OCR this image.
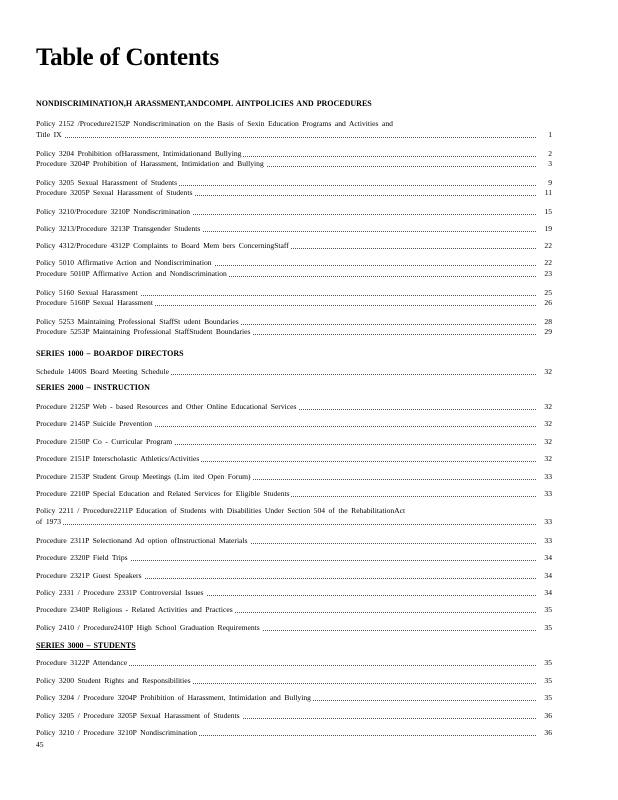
Table of Contents
NONDISCRIMINATION,H ARASSMENT,ANDCOMPL AINTPOLICIES AND PROCEDURES
Policy 2152 /Procedure2152P Nondiscrimination on the Basis of Sexin Education Programs and Activities and
Title IX	1
Policy 3204 Prohibition ofHarassment, Intimidationand Bullying	2
Procedure 3204P Prohibition of Harassment, Intimidation and Bullying	3
Policy 3205 Sexual Harassment of Students	9
Procedure 3205P Sexual Harassment of Students	11
Policy 3210/Procedure 3210P Nondiscrimination	15
Policy 3213/Procedure 3213P Transgender Students	19
Policy 4312/Procedure 4312P Complaints to Board Mem bers ConcerningStaff	22
Policy 5010 Affirmative Action and Nondiscrimination	22
Procedure 5010P Affirmative Action and Nondiscrimination	23
Policy 5160 Sexual Harassment	25
Procedure 5160P Sexual Harassment	26
Policy 5253 Maintaining Professional StaffSt udent Boundaries	28
Procedure 5253P Maintaining Professional StaffStudent Boundaries	29
SERIES 1000 – BOARDOF DIRECTORS
Schedule 1400S Board Meeting Schedule	32
SERIES 2000 – INSTRUCTION
Procedure 2125P Web - based Resources and Other Online Educational Services	32
Procedure 2145P Suicide Prevention	32
Procedure 2150P Co - Curricular Program	32
Procedure 2151P Interscholastic Athletics/Activities	32
Procedure 2153P Student Group Meetings (Lim ited Open Forum)	33
Procedure 2210P Special Education and Related Services for Eligible Students	33
Policy 2211 / Procedure2211P Education of Students with Disabilities Under Section 504 of the RehabilitationAct
of 1973	33
Procedure 2311P Selectionand Ad option ofInstructional Materials	33
Procedure 2320P Field Trips	34
Procedure 2321P Guest Speakers	34
Policy 2331 / Procedure 2331P Controversial Issues	34
Procedure 2340P Religious - Related Activities and Practices	35
Policy 2410 / Procedure2410P High School Graduation Requirements	35
SERIES 3000 – STUDENTS
Procedure 3122P Attendance	35
Policy 3200 Student Rights and Responsibilities	35
Policy 3204 / Procedure 3204P Prohibition of Harassment, Intimidation and Bullying	35
Policy 3205 / Procedure 3205P Sexual Harassment of Students	36
Policy 3210 / Procedure 3210P Nondiscrimination	36
45
